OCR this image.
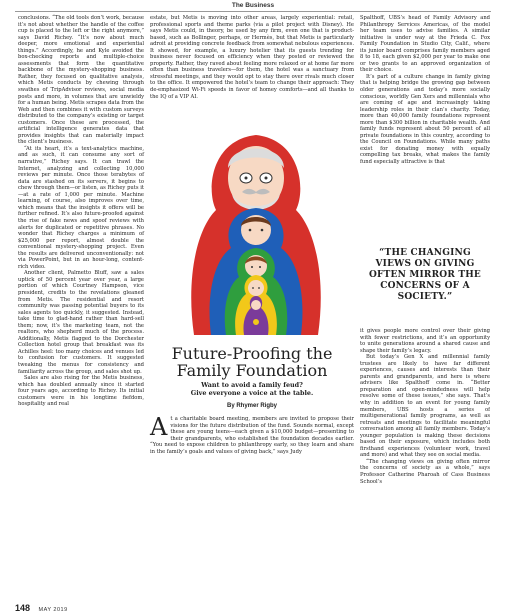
The Business

conclusions. “The old tools don’t work, because it’s not about whether the handle of the coffee cup is placed to the left or the right anymore,” says David Richey. “It’s now about much deeper, more emotional and experiential things.” Accordingly, he and Kyle avoided the box-checking reports and multiple-choice assessments that form the quantitative backbone of the mystery-shopping business. Rather, they focused on qualitative analysis, which Metis conducts by chewing through swathes of TripAdvisor reviews, social media posts and more, in volumes that are unwieldy for a human being. Metis scrapes data from the Web and then combines it with custom surveys distributed to the company’s existing or target customers. Once these are processed, the artificial intelligence generates data that provides insights that can materially impact the client’s business.

“At its heart, it’s a text-analytics machine, and as such, it can consume any sort of narrative,” Richey says. It can trawl the Internet, analyzing and collecting 10,000 reviews per minute. Once those terabytes of data are stashed on its servers, it begins to chew through them—or listen, as Richey puts it—at a rate of 1,000 per minute. Machine learning, of course, also improves over time, which means that the insights it offers will be further refined. It’s also future-proofed against the rise of fake news and spoof reviews with alerts for duplicated or repetitive phrases. No wonder that Richey charges a minimum of $25,000 per report, almost double the conventional mystery-shopping project. Even the results are delivered unconventionally: not via PowerPoint, but in an hour-long, content-rich video.

Another client, Palmetto Bluff, saw a sales uptick of 50 percent year over year, a large portion of which Courtney Hampson, vice president, credits to the revelations gleaned from Metis. The residential and resort community was passing potential buyers to its sales agents too quickly, it suggested. Instead, take time to glad-hand rather than hard-sell them; now, it’s the marketing team, not the realtors, who shepherd much of the process. Additionally, Metis flagged to the Dorchester Collection hotel group that breakfast was its Achilles heel: too many choices and venues led to confusion for customers. It suggested tweaking the menus for consistency and familiarity across the group, and sales shot up.

Sales are also rising for the Metis business, which has doubled annually since it started four years ago, according to Richey. Its initial customers were in his longtime fiefdom, hospitality and real

estate, but Metis is moving into other areas, largely experiential: retail, professional sports and theme parks (via a pilot project with Disney). He says Metis could, in theory, be used by any firm, even one that is product-based, such as Bollinger, perhaps, or Hermès, but that Metis is particularly adroit at providing concrete feedback from somewhat nebulous experiences. It showed, for example, a luxury hotelier that its guests trending for business never focused on efficiency when they posted or reviewed the property. Rather, they raved about feeling more relaxed or at home far more often than business travelers—for them, the hotel was a sanctuary from stressful meetings, and they would opt to stay there over rivals much closer to the office. It empowered the hotel’s team to change their approach: They de-emphasized Wi-Fi speeds in favor of homey comforts—and all thanks to the IQ of a VIP AI.

Future-Proofing the
Family Foundation
Want to avoid a family feud?
Give everyone a voice at the table.
By Rhymer Rigby
At a charitable board meeting, members are invited to propose their visions for the future distribution of the fund. Sounds normal, except these are young teens—each given a $10,000 budget—presenting to their grandparents, who established the foundation decades earlier. “You need to expose children to philanthropy early, so they learn and share in the family’s goals and values of giving back,” says Judy

Spalthoff, UBS’s head of Family Advisory and Philanthropy Services Americas, of the model her team uses to advise families. A similar initiative is under way at the Frieda C. Fox Family Foundation in Studio City, Calif., where its junior board comprises family members aged 8 to 18, each given $2,000 per year to make one or two grants to an approved organization of their choice.

It’s part of a culture change in family giving that is helping bridge the growing gap between older generations and today’s more socially conscious, worldly Gen Xers and millennials who are coming of age and increasingly taking leadership roles in their clan’s charity. Today, more than 40,000 family foundations represent more than $300 billion in charitable wealth. And family funds represent about 50 percent of all private foundations in this country, according to the Council on Foundations. While many paths exist for donating money with equally compelling tax breaks, what makes the family fund especially attractive is that

“THE CHANGING VIEWS ON GIVING OFTEN MIRROR THE CONCERNS OF A SOCIETY.”

it gives people more control over their giving with fewer restrictions, and it’s an opportunity to unite generations around a shared cause and shape their family’s legacy.

But today’s Gen X and millennial family trustees are likely to have far different experiences, causes and interests than their parents and grandparents, and here is where advisers like Spalthoff come in. “Better preparation and open-mindedness will help resolve some of these issues,” she says. That’s why in addition to an event for young family members, UBS hosts a series of multigenerational family programs, as well as retreats and meetings to facilitate meaningful conversation among all family members. Today’s younger population is making these decisions based on their exposure, which includes both firsthand experiences (volunteer work, travel and more) and what they see on social media.

“The changing views on giving often mirror the concerns of society as a whole,” says Professor Catherine Pharoah of Cass Business School’s

148 MAY 2019
